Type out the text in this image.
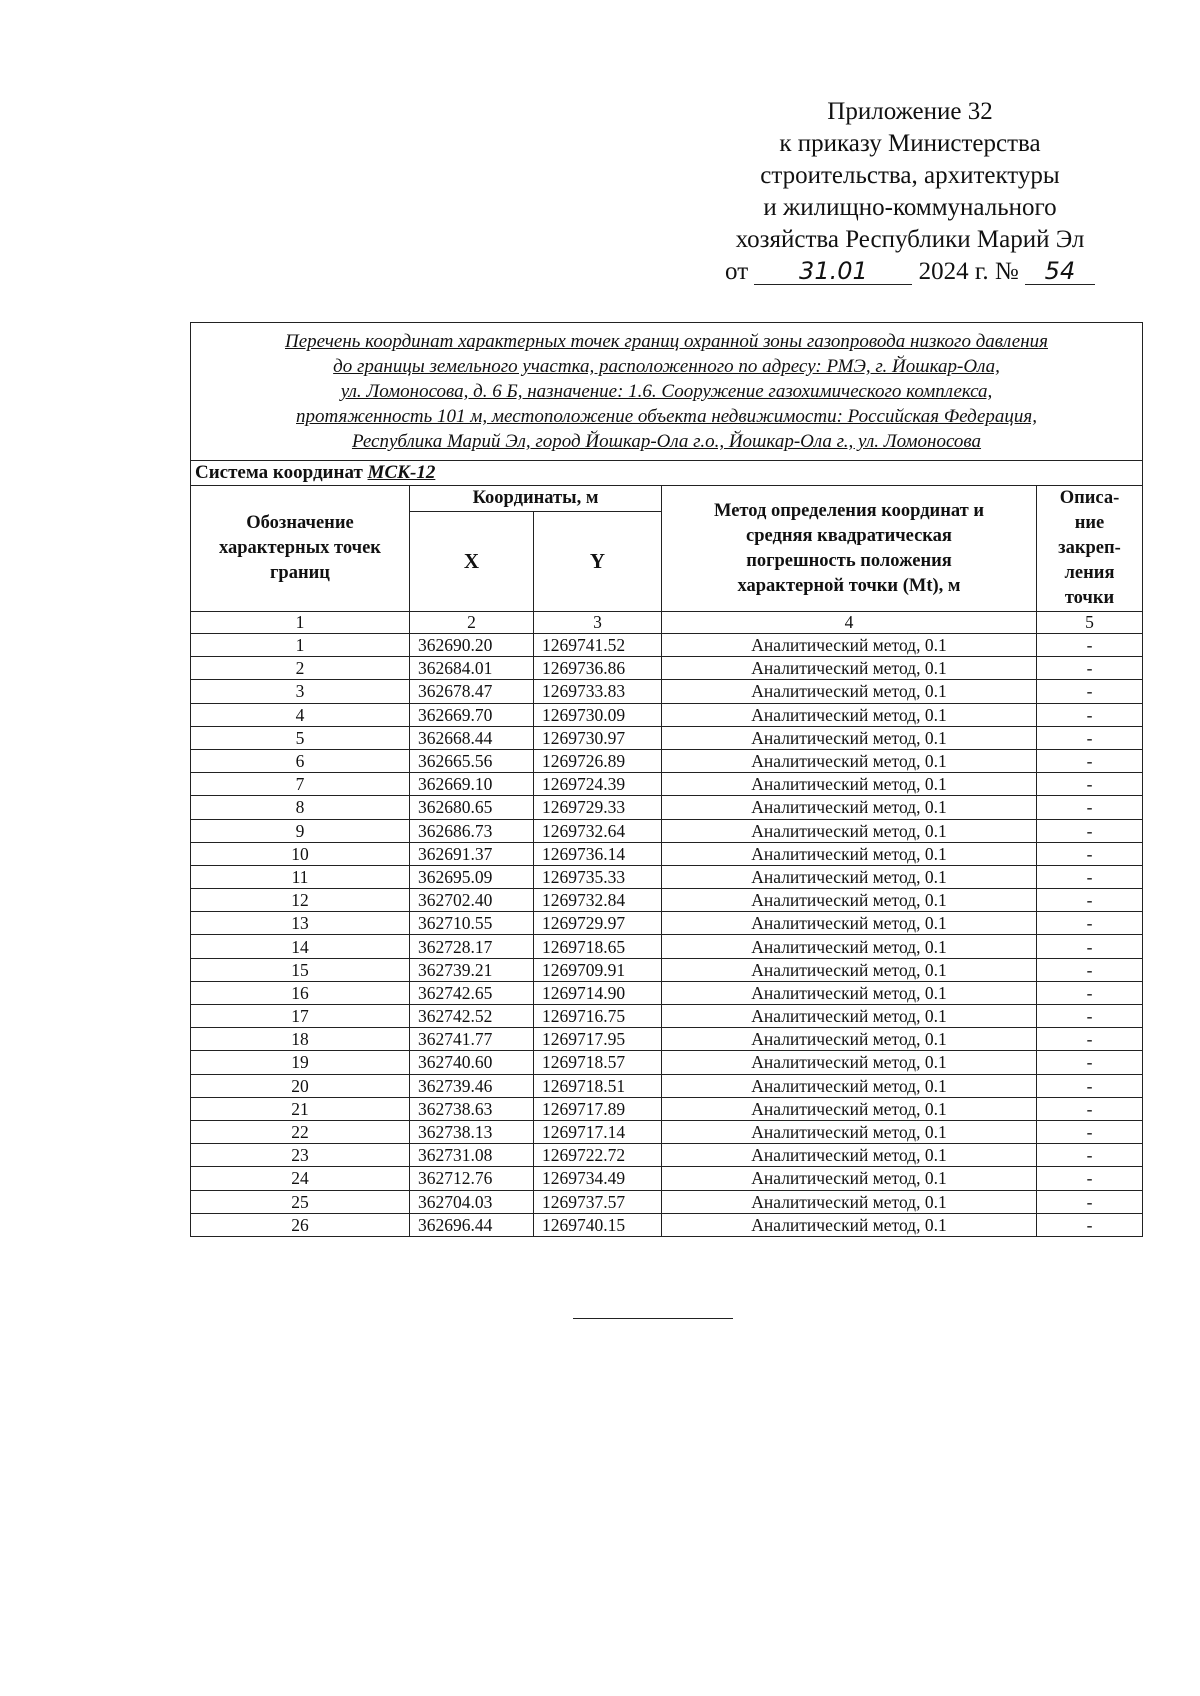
Приложение 32
к приказу Министерства
строительства, архитектуры
и жилищно-коммунального
хозяйства Республики Марий Эл
от 31.01 2024 г. № 54
Перечень координат характерных точек границ охранной зоны газопровода низкого давления
до границы земельного участка, расположенного по адресу: РМЭ, г. Йошкар-Ола,
ул. Ломоносова, д. 6 Б, назначение: 1.6. Сооружение газохимического комплекса,
протяженность 101 м, местоположение объекта недвижимости: Российская Федерация,
Республика Марий Эл, город Йошкар-Ола г.о., Йошкар-Ола г., ул. Ломоносова				

Система координат МСК-12				

Обозначение
характерных точек
границ	Координаты, м		Метод определения координат и
средняя квадратическая
погрешность положения
характерной точки (Mt), м	Описа-
ние
закреп-
ления
точки

	X	Y		
1	2	3	4	5
1	362690.20	1269741.52	Аналитический метод, 0.1	-
2	362684.01	1269736.86	Аналитический метод, 0.1	-
3	362678.47	1269733.83	Аналитический метод, 0.1	-
4	362669.70	1269730.09	Аналитический метод, 0.1	-
5	362668.44	1269730.97	Аналитический метод, 0.1	-
6	362665.56	1269726.89	Аналитический метод, 0.1	-
7	362669.10	1269724.39	Аналитический метод, 0.1	-
8	362680.65	1269729.33	Аналитический метод, 0.1	-
9	362686.73	1269732.64	Аналитический метод, 0.1	-
10	362691.37	1269736.14	Аналитический метод, 0.1	-
11	362695.09	1269735.33	Аналитический метод, 0.1	-
12	362702.40	1269732.84	Аналитический метод, 0.1	-
13	362710.55	1269729.97	Аналитический метод, 0.1	-
14	362728.17	1269718.65	Аналитический метод, 0.1	-
15	362739.21	1269709.91	Аналитический метод, 0.1	-
16	362742.65	1269714.90	Аналитический метод, 0.1	-
17	362742.52	1269716.75	Аналитический метод, 0.1	-
18	362741.77	1269717.95	Аналитический метод, 0.1	-
19	362740.60	1269718.57	Аналитический метод, 0.1	-
20	362739.46	1269718.51	Аналитический метод, 0.1	-
21	362738.63	1269717.89	Аналитический метод, 0.1	-
22	362738.13	1269717.14	Аналитический метод, 0.1	-
23	362731.08	1269722.72	Аналитический метод, 0.1	-
24	362712.76	1269734.49	Аналитический метод, 0.1	-
25	362704.03	1269737.57	Аналитический метод, 0.1	-
26	362696.44	1269740.15	Аналитический метод, 0.1	-
